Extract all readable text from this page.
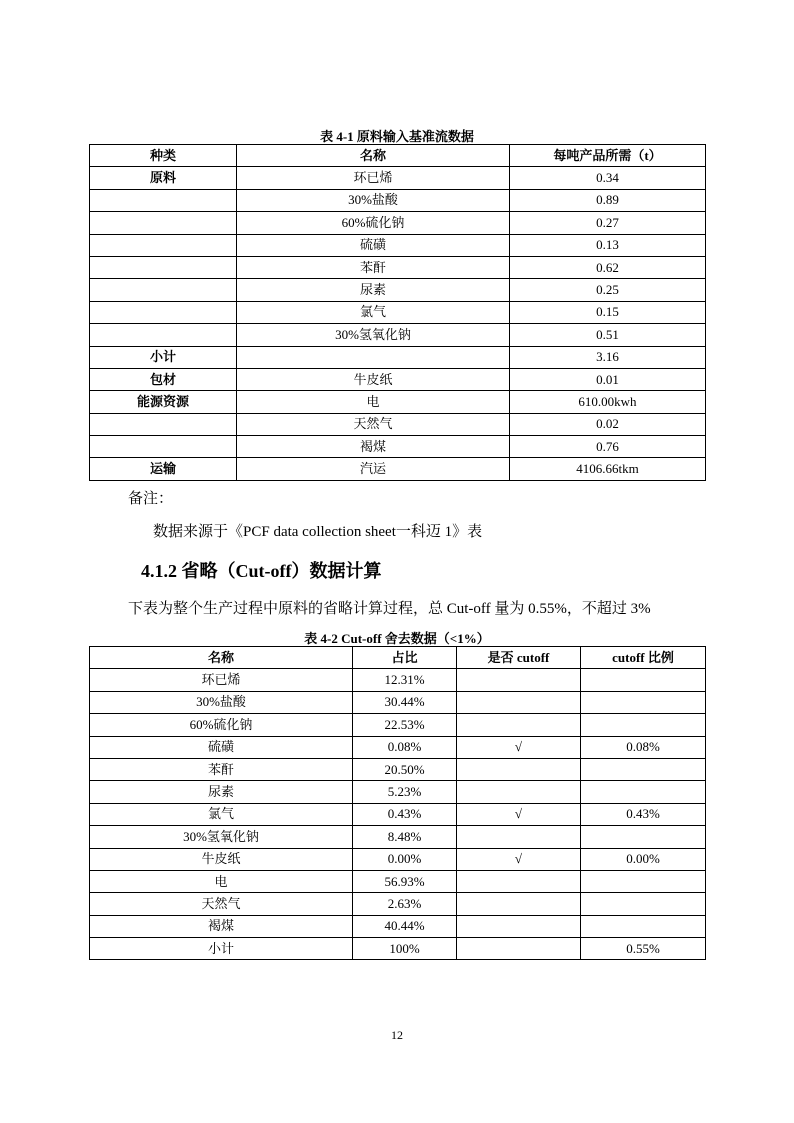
表 4-1 原料输入基准流数据
种类	名称	每吨产品所需（t）
原料	环已烯	0.34
	30%盐酸	0.89
	60%硫化钠	0.27
	硫磺	0.13
	苯酐	0.62
	尿素	0.25
	氯气	0.15
	30%氢氧化钠	0.51
小计		3.16
包材	牛皮纸	0.01
能源资源	电	610.00kwh
	天然气	0.02
	褐煤	0.76
运输	汽运	4106.66tkm
备注：
数据来源于《PCF data collection sheet一科迈 1》表
4.1.2 省略（Cut-off）数据计算
下表为整个生产过程中原料的省略计算过程，总 Cut-off 量为 0.55%，不超过 3%
表 4-2 Cut-off 舍去数据（<1%）
名称	占比	是否 cutoff	cutoff 比例
环已烯	12.31%		
30%盐酸	30.44%		
60%硫化钠	22.53%		
硫磺	0.08%	√	0.08%
苯酐	20.50%		
尿素	5.23%		
氯气	0.43%	√	0.43%
30%氢氧化钠	8.48%		
牛皮纸	0.00%	√	0.00%
电	56.93%		
天然气	2.63%		
褐煤	40.44%		
小计	100%		0.55%
12
